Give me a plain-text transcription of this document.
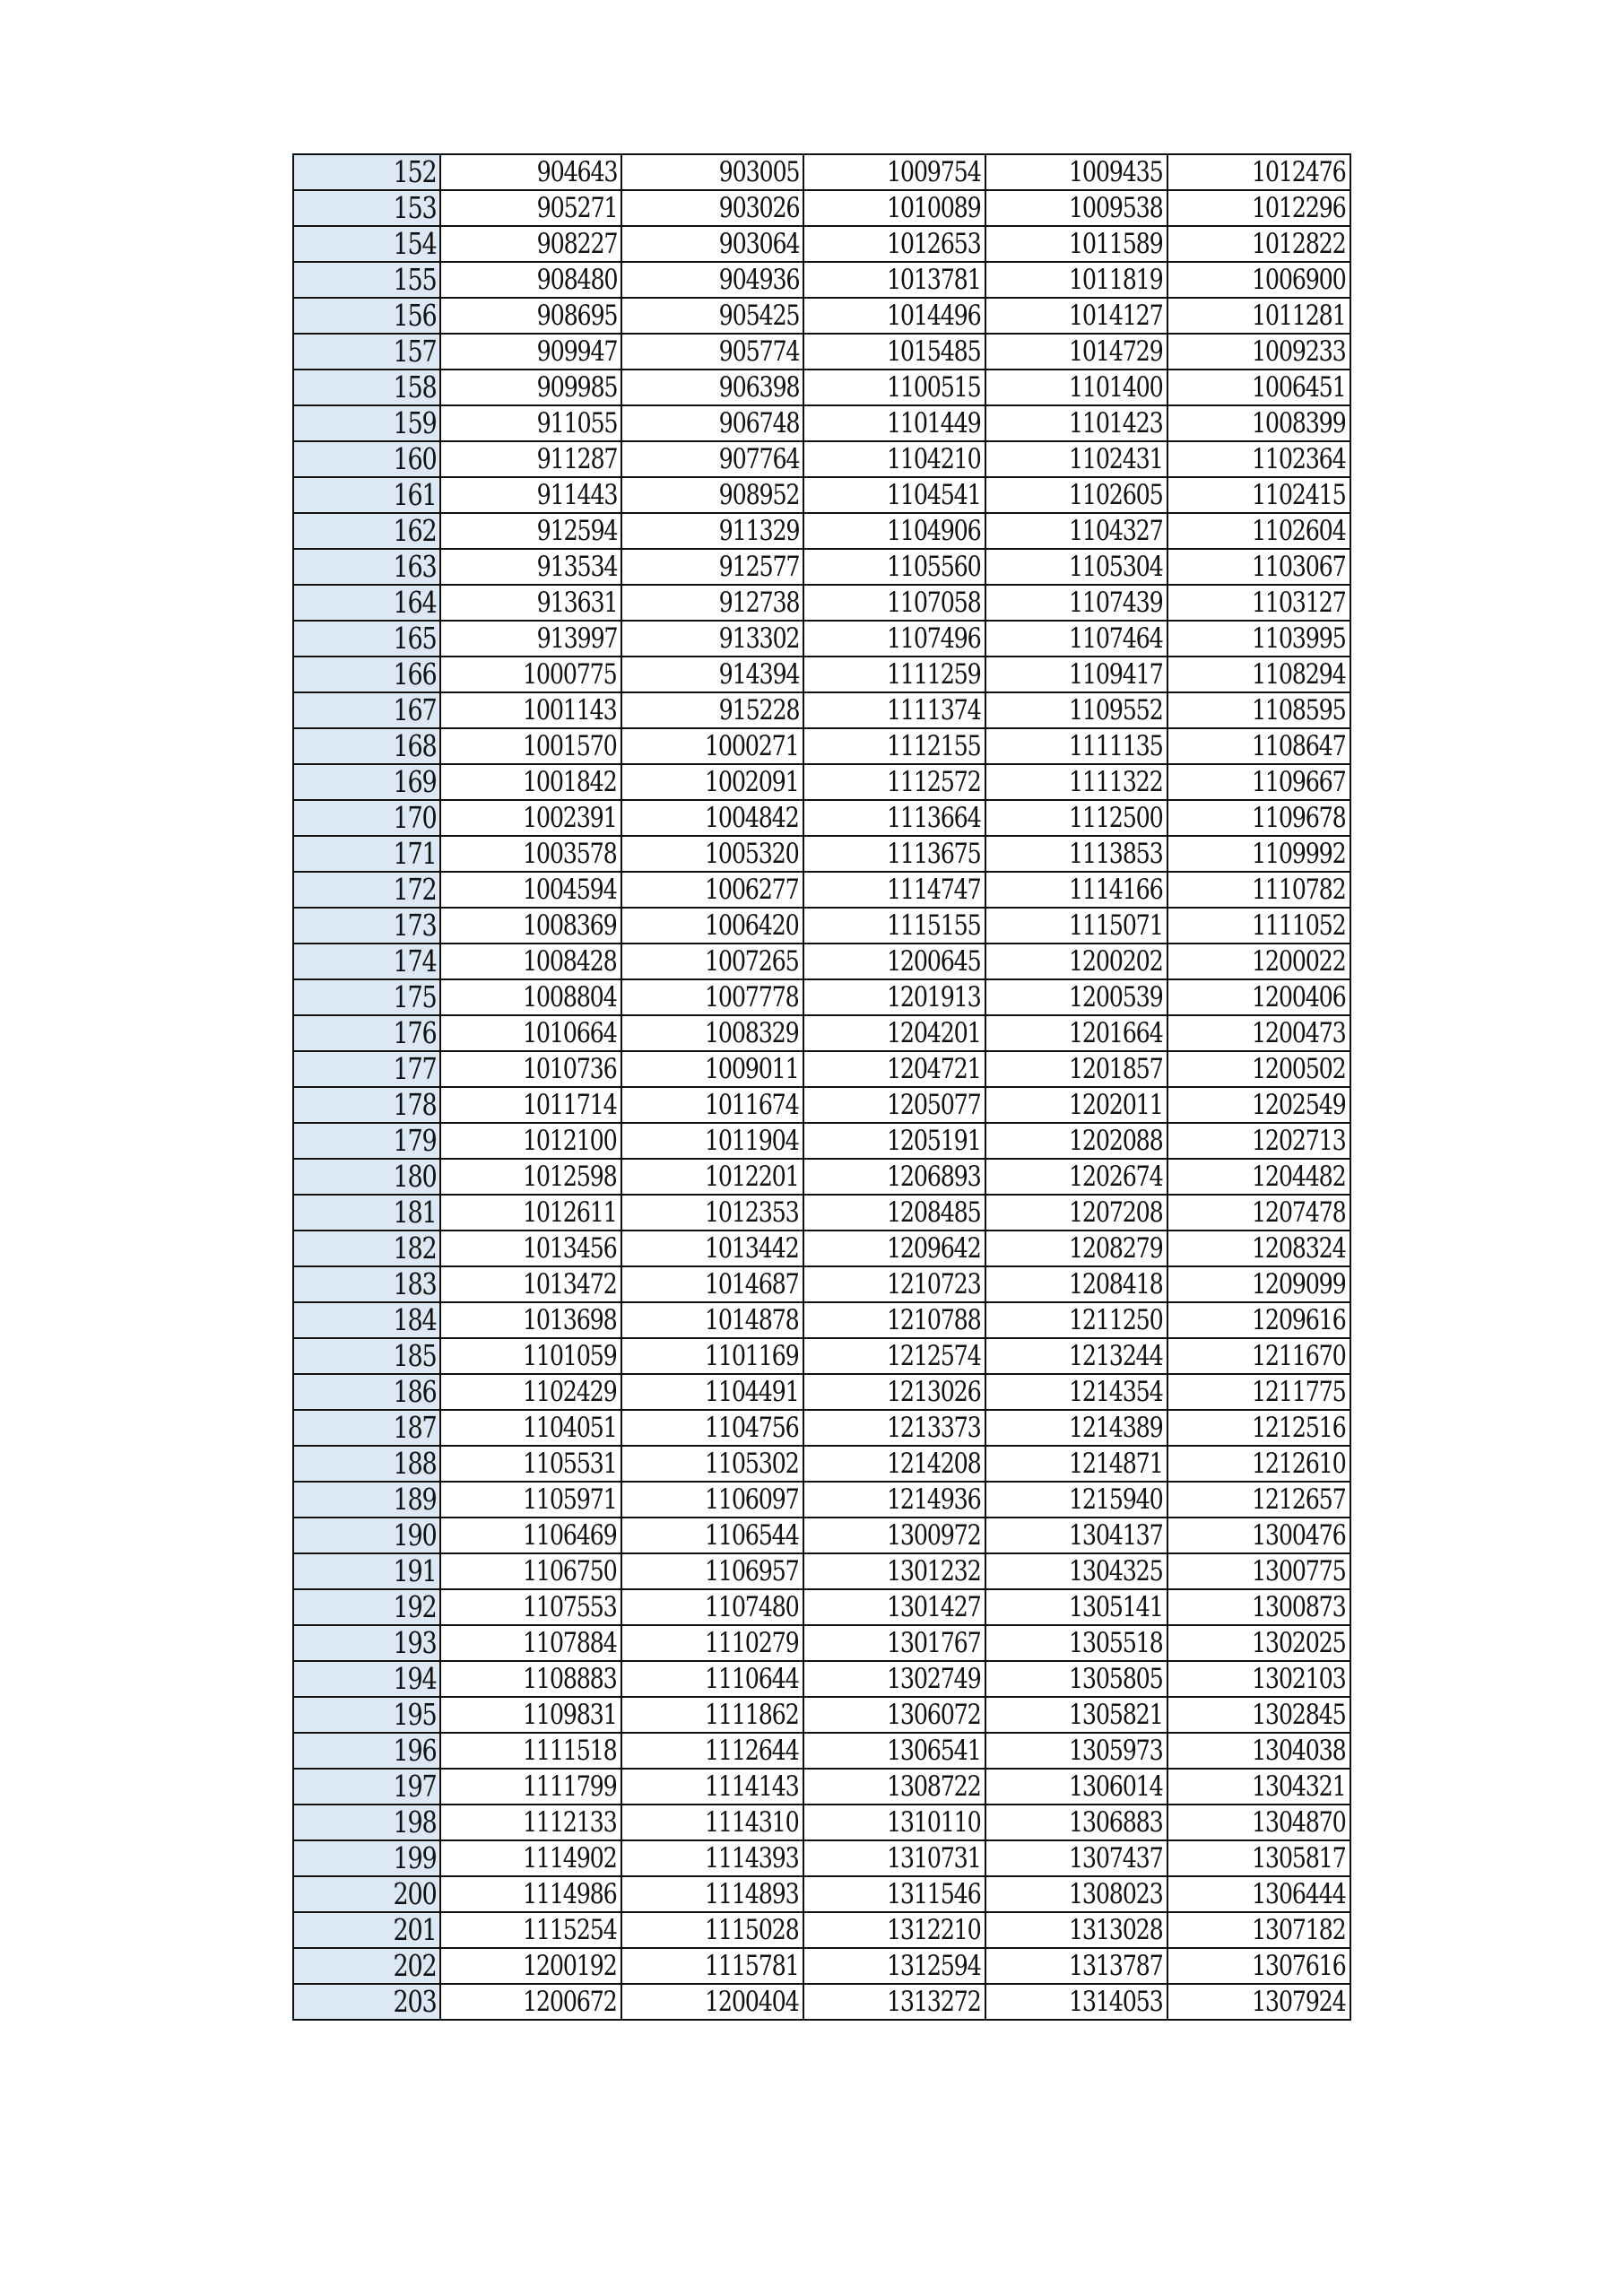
152	904643	903005	1009754	1009435	1012476
153	905271	903026	1010089	1009538	1012296
154	908227	903064	1012653	1011589	1012822
155	908480	904936	1013781	1011819	1006900
156	908695	905425	1014496	1014127	1011281
157	909947	905774	1015485	1014729	1009233
158	909985	906398	1100515	1101400	1006451
159	911055	906748	1101449	1101423	1008399
160	911287	907764	1104210	1102431	1102364
161	911443	908952	1104541	1102605	1102415
162	912594	911329	1104906	1104327	1102604
163	913534	912577	1105560	1105304	1103067
164	913631	912738	1107058	1107439	1103127
165	913997	913302	1107496	1107464	1103995
166	1000775	914394	1111259	1109417	1108294
167	1001143	915228	1111374	1109552	1108595
168	1001570	1000271	1112155	1111135	1108647
169	1001842	1002091	1112572	1111322	1109667
170	1002391	1004842	1113664	1112500	1109678
171	1003578	1005320	1113675	1113853	1109992
172	1004594	1006277	1114747	1114166	1110782
173	1008369	1006420	1115155	1115071	1111052
174	1008428	1007265	1200645	1200202	1200022
175	1008804	1007778	1201913	1200539	1200406
176	1010664	1008329	1204201	1201664	1200473
177	1010736	1009011	1204721	1201857	1200502
178	1011714	1011674	1205077	1202011	1202549
179	1012100	1011904	1205191	1202088	1202713
180	1012598	1012201	1206893	1202674	1204482
181	1012611	1012353	1208485	1207208	1207478
182	1013456	1013442	1209642	1208279	1208324
183	1013472	1014687	1210723	1208418	1209099
184	1013698	1014878	1210788	1211250	1209616
185	1101059	1101169	1212574	1213244	1211670
186	1102429	1104491	1213026	1214354	1211775
187	1104051	1104756	1213373	1214389	1212516
188	1105531	1105302	1214208	1214871	1212610
189	1105971	1106097	1214936	1215940	1212657
190	1106469	1106544	1300972	1304137	1300476
191	1106750	1106957	1301232	1304325	1300775
192	1107553	1107480	1301427	1305141	1300873
193	1107884	1110279	1301767	1305518	1302025
194	1108883	1110644	1302749	1305805	1302103
195	1109831	1111862	1306072	1305821	1302845
196	1111518	1112644	1306541	1305973	1304038
197	1111799	1114143	1308722	1306014	1304321
198	1112133	1114310	1310110	1306883	1304870
199	1114902	1114393	1310731	1307437	1305817
200	1114986	1114893	1311546	1308023	1306444
201	1115254	1115028	1312210	1313028	1307182
202	1200192	1115781	1312594	1313787	1307616
203	1200672	1200404	1313272	1314053	1307924
